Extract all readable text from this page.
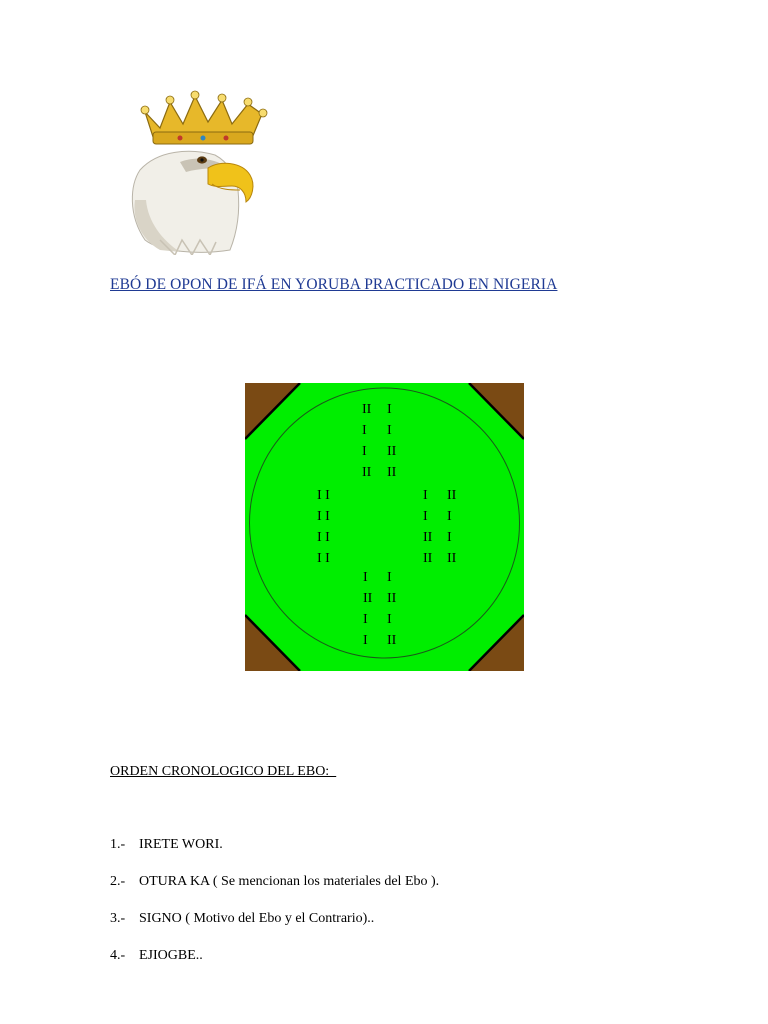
EBÓ DE OPON DE IFÁ EN YORUBA PRACTICADO EN NIGERIA
II I
I I
I II
II II
I I
I I
I I
I I
I II
I I
II I
II II
I I
II II
I I
I II
ORDEN CRONOLOGICO DEL EBO:
1.- IRETE WORI.
2.- OTURA KA ( Se mencionan los materiales del Ebo ).
3.- SIGNO ( Motivo del Ebo y el Contrario)..
4.- EJIOGBE..
